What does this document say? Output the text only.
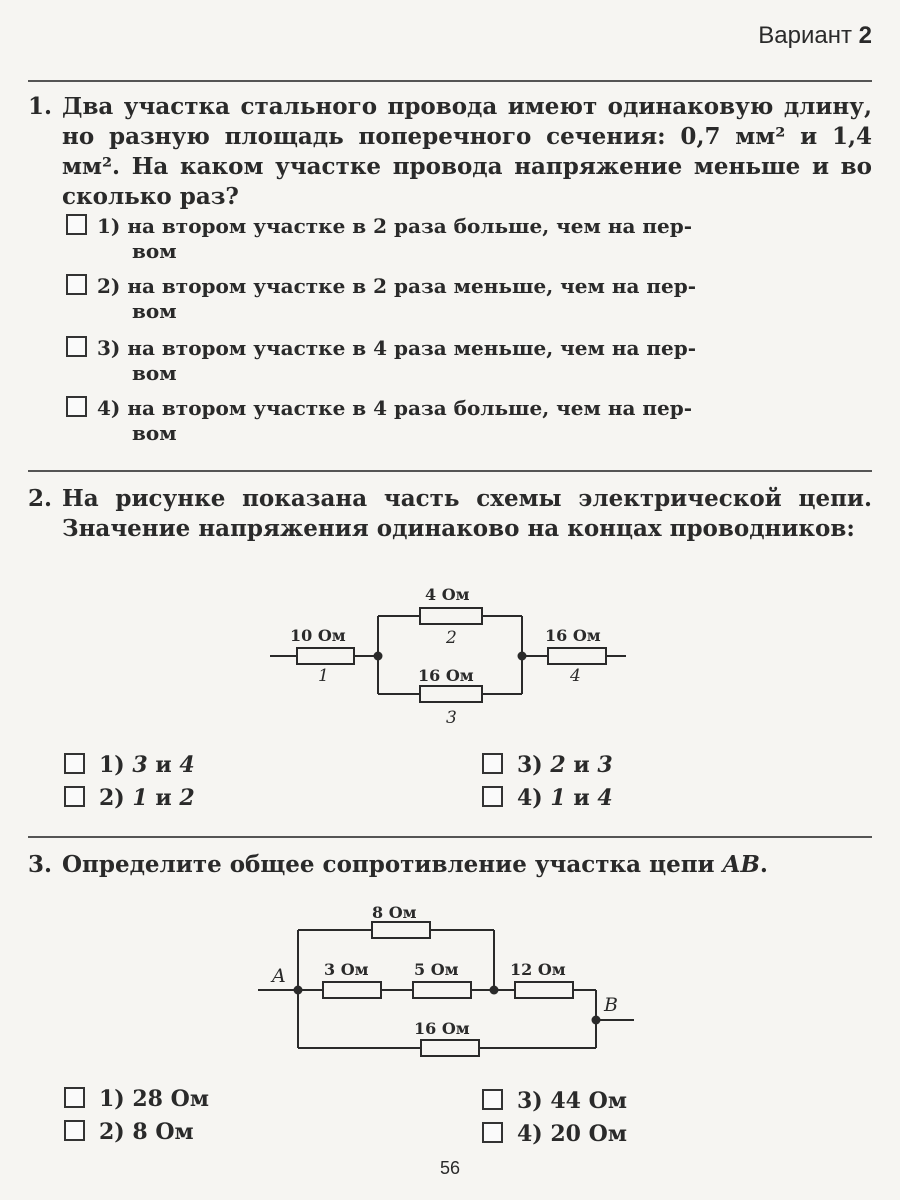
Вариант 2
1. Два участка стального провода имеют одинаковую длину, но разную площадь поперечного сечения: 0,7 мм² и 1,4 мм². На каком участке провода напряжение меньше и во сколько раз?
1) на втором участке в 2 раза больше, чем на пер-
вом
2) на втором участке в 2 раза меньше, чем на пер-
вом
3) на втором участке в 4 раза меньше, чем на пер-
вом
4) на втором участке в 4 раза больше, чем на пер-
вом
2. На рисунке показана часть схемы электрической цепи. Значение напряжения одинаково на концах проводников:
4 Ом
2
10 Ом
1	16 Ом
3
16 Ом
4
1) 3 и 4
2) 1 и 2
3) 2 и 3
4) 1 и 4
3. Определите общее сопротивление участка цепи AB.
8 Ом
3 Ом	5 Ом	12 Ом
16 Ом
A
B
1) 28 Ом
2) 8 Ом
3) 44 Ом
4) 20 Ом
56
